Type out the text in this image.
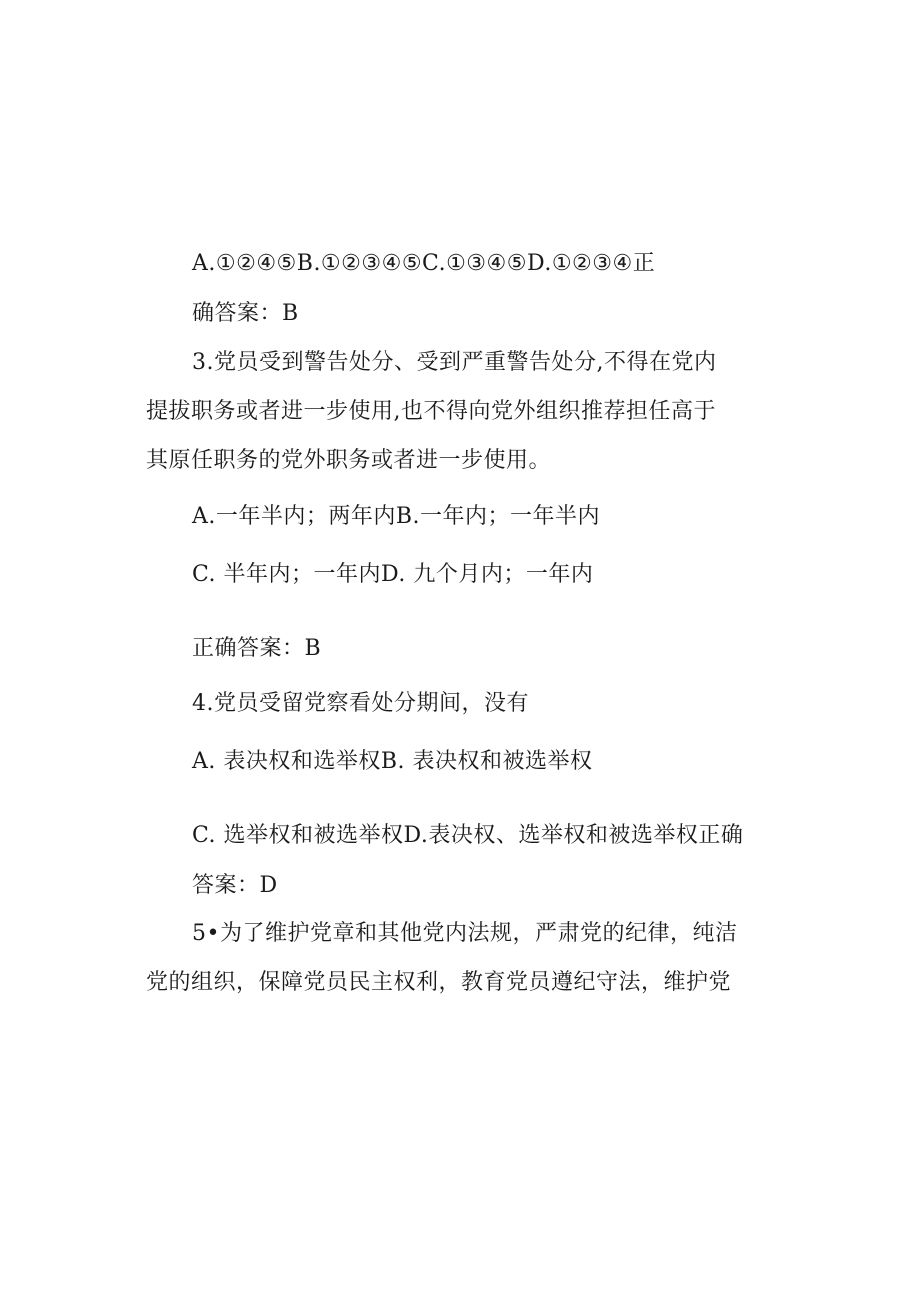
A.①②④⑤B.①②③④⑤C.①③④⑤D.①②③④正
确答案：B
3.党员受到警告处分、受到严重警告处分,不得在党内
提拔职务或者进一步使用,也不得向党外组织推荐担任高于
其原任职务的党外职务或者进一步使用。
A.一年半内；两年内B.一年内；一年半内
C. 半年内；一年内D. 九个月内；一年内
正确答案：B
4.党员受留党察看处分期间，没有
A. 表决权和选举权B. 表决权和被选举权
C. 选举权和被选举权D.表决权、选举权和被选举权正确
答案：D
5•为了维护党章和其他党内法规，严肃党的纪律，纯洁
党的组织，保障党员民主权利，教育党员遵纪守法，维护党
